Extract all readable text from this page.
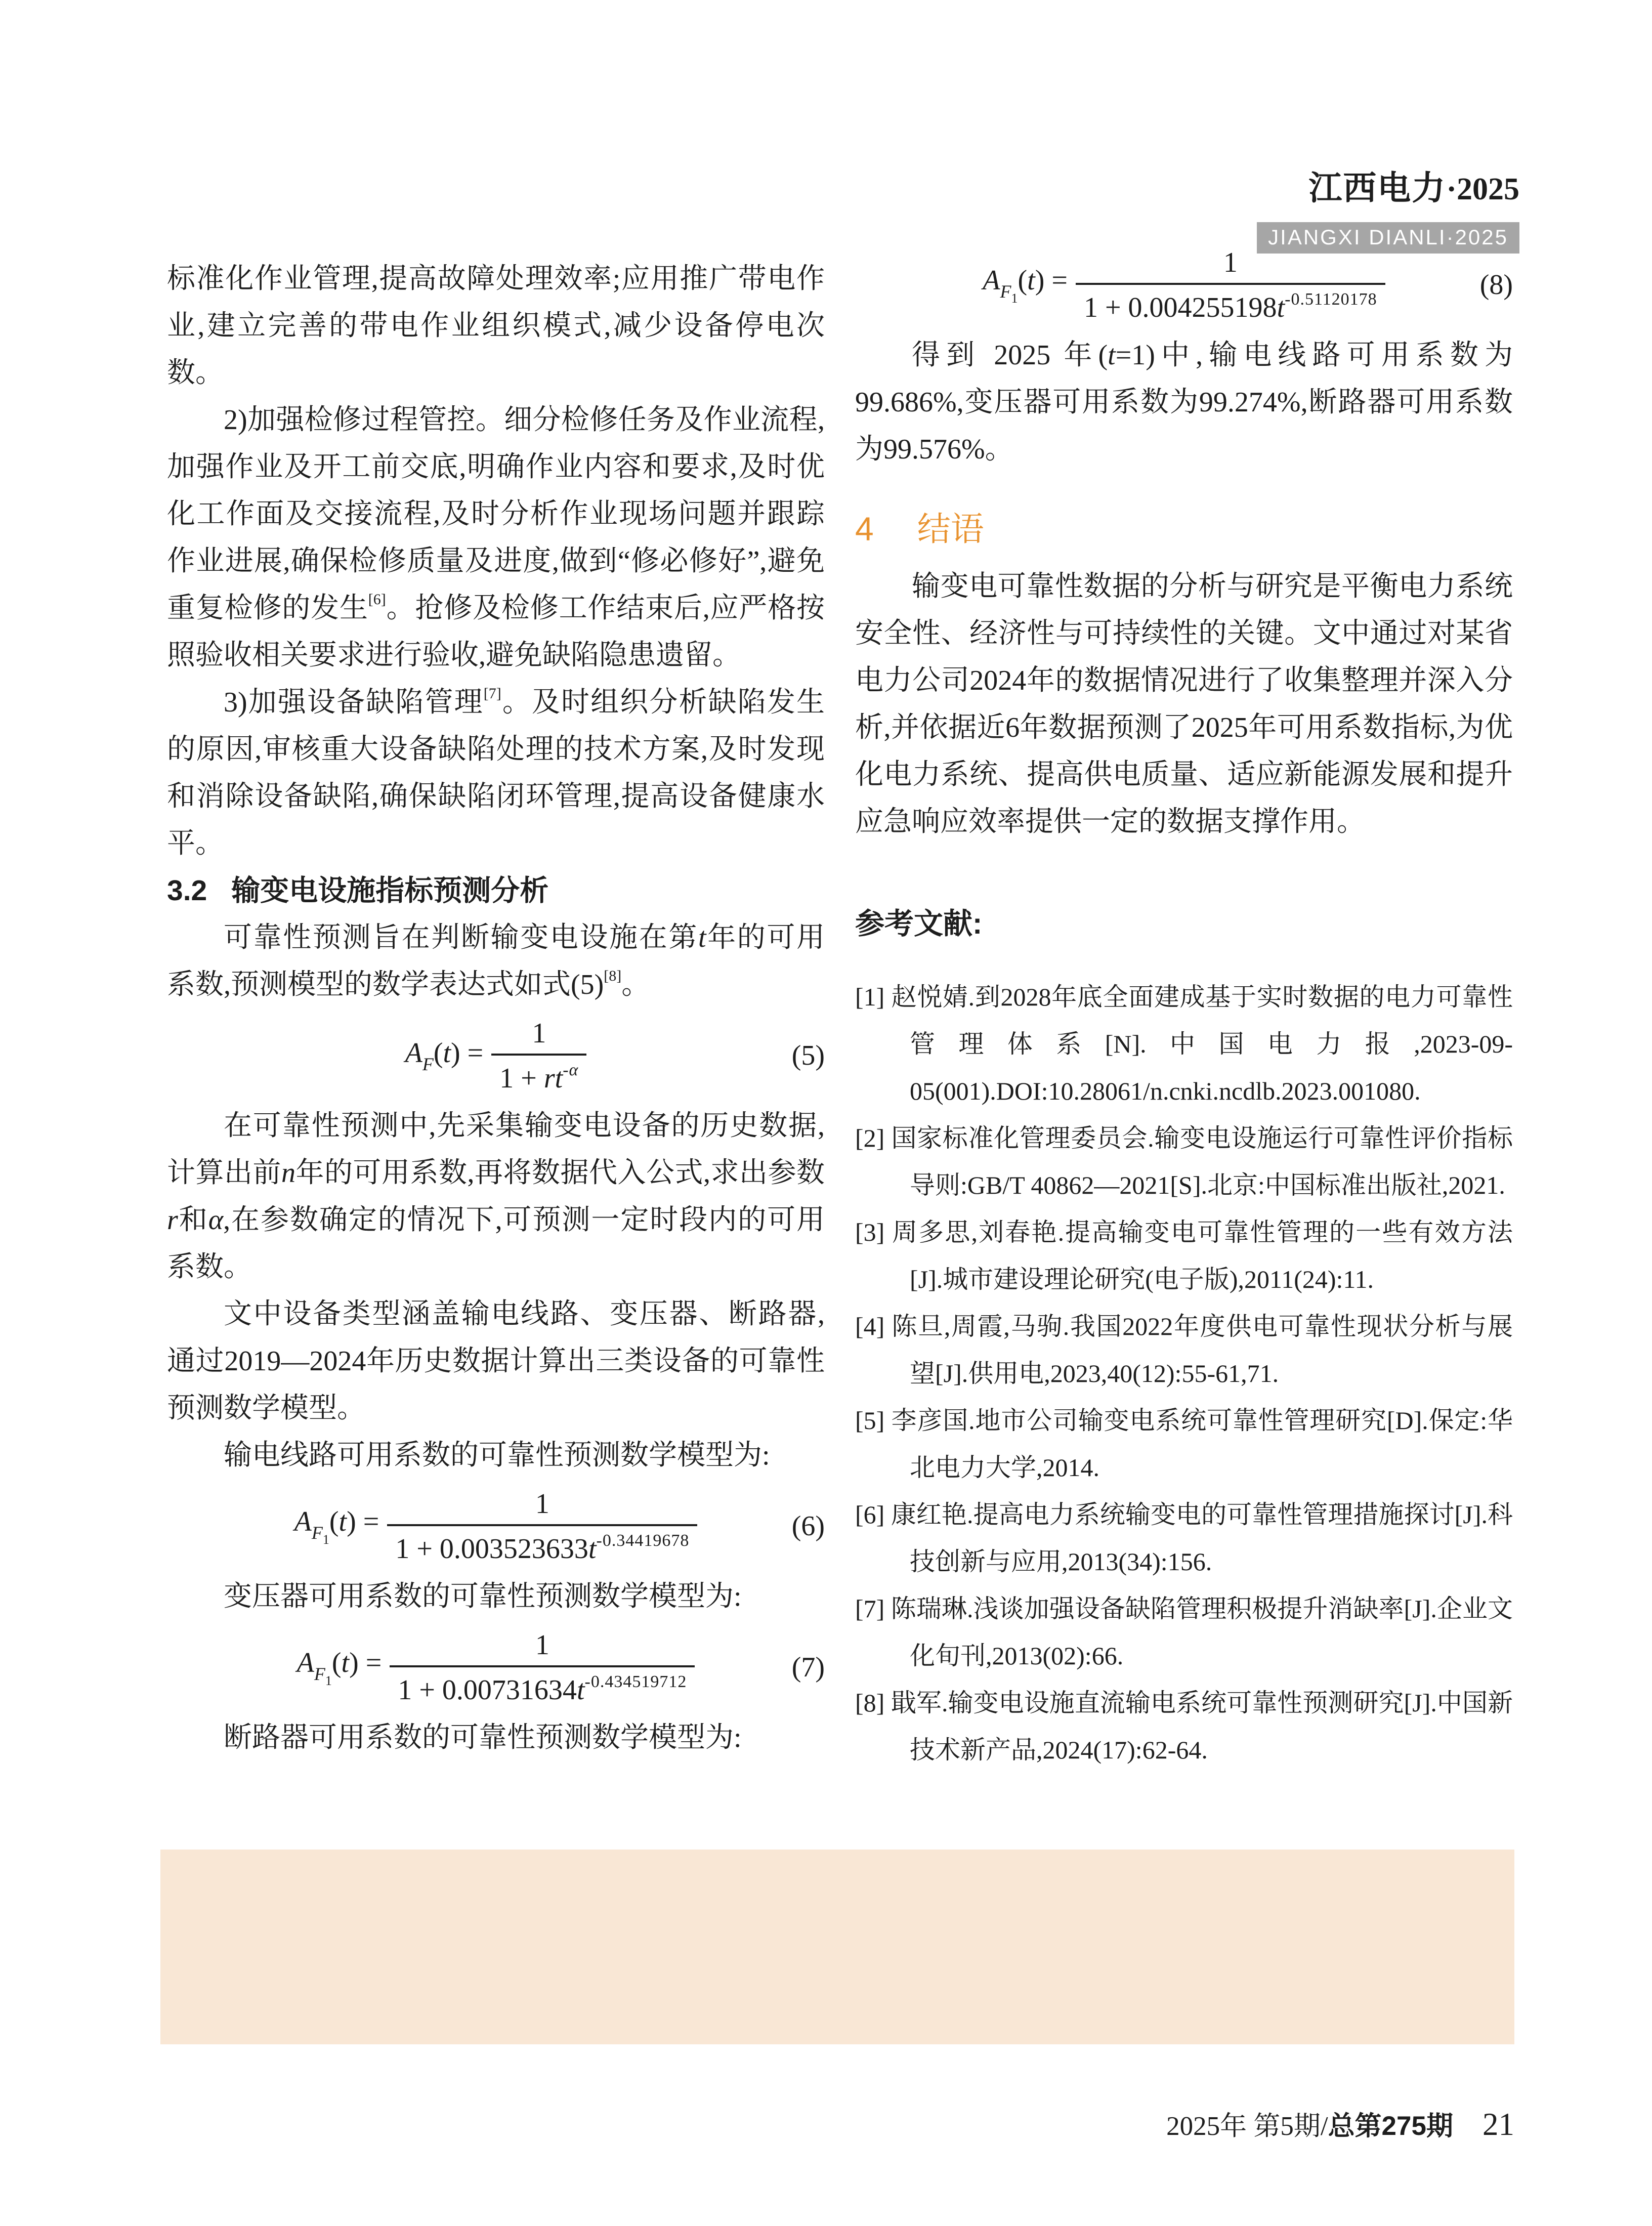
江西电力·2025
JIANGXI DIANLI·2025

标准化作业管理,提高故障处理效率;应用推广带电作业,建立完善的带电作业组织模式,减少设备停电次数。

2)加强检修过程管控。细分检修任务及作业流程,加强作业及开工前交底,明确作业内容和要求,及时优化工作面及交接流程,及时分析作业现场问题并跟踪作业进展,确保检修质量及进度,做到“修必修好”,避免重复检修的发生[6]。抢修及检修工作结束后,应严格按照验收相关要求进行验收,避免缺陷隐患遗留。

3)加强设备缺陷管理[7]。及时组织分析缺陷发生的原因,审核重大设备缺陷处理的技术方案,及时发现和消除设备缺陷,确保缺陷闭环管理,提高设备健康水平。

3.2 输变电设施指标预测分析

可靠性预测旨在判断输变电设施在第t年的可用系数,预测模型的数学表达式如式(5)[8]。

$A_F(t) = \frac{1}{1 + rt^{-\alpha}}$	(5)

在可靠性预测中,先采集输变电设备的历史数据,计算出前n年的可用系数,再将数据代入公式,求出参数r和α,在参数确定的情况下,可预测一定时段内的可用系数。

文中设备类型涵盖输电线路、变压器、断路器,通过2019—2024年历史数据计算出三类设备的可靠性预测数学模型。

输电线路可用系数的可靠性预测数学模型为:

$A_{F_1}(t) = \frac{1}{1 + 0.003523633t^{-0.34419678}}$	(6)

变压器可用系数的可靠性预测数学模型为:

$A_{F_1}(t) = \frac{1}{1 + 0.00731634t^{-0.434519712}}$	(7)

断路器可用系数的可靠性预测数学模型为:

$A_{F_1}(t) = \frac{1}{1 + 0.004255198t^{-0.51120178}}$	(8)

得到 2025 年(t=1)中,输电线路可用系数为99.686%,变压器可用系数为99.274%,断路器可用系数为99.576%。

4 结语

输变电可靠性数据的分析与研究是平衡电力系统安全性、经济性与可持续性的关键。文中通过对某省电力公司2024年的数据情况进行了收集整理并深入分析,并依据近6年数据预测了2025年可用系数指标,为优化电力系统、提高供电质量、适应新能源发展和提升应急响应效率提供一定的数据支撑作用。

参考文献:

[1] 赵悦婧.到2028年底全面建成基于实时数据的电力可靠性管理体系[N].中国电力报,2023-09-05(001).DOI:10.28061/n.cnki.ncdlb.2023.001080.

[2] 国家标准化管理委员会.输变电设施运行可靠性评价指标导则:GB/T 40862—2021[S].北京:中国标准出版社,2021.

[3] 周多思,刘春艳.提高输变电可靠性管理的一些有效方法[J].城市建设理论研究(电子版),2011(24):11.

[4] 陈旦,周霞,马驹.我国2022年度供电可靠性现状分析与展望[J].供用电,2023,40(12):55-61,71.

[5] 李彦国.地市公司输变电系统可靠性管理研究[D].保定:华北电力大学,2014.

[6] 康红艳.提高电力系统输变电的可靠性管理措施探讨[J].科技创新与应用,2013(34):156.

[7] 陈瑞琳.浅谈加强设备缺陷管理积极提升消缺率[J].企业文化旬刊,2013(02):66.

[8] 戢军.输变电设施直流输电系统可靠性预测研究[J].中国新技术新产品,2024(17):62-64.

2025年 第5期/总第275期 21
